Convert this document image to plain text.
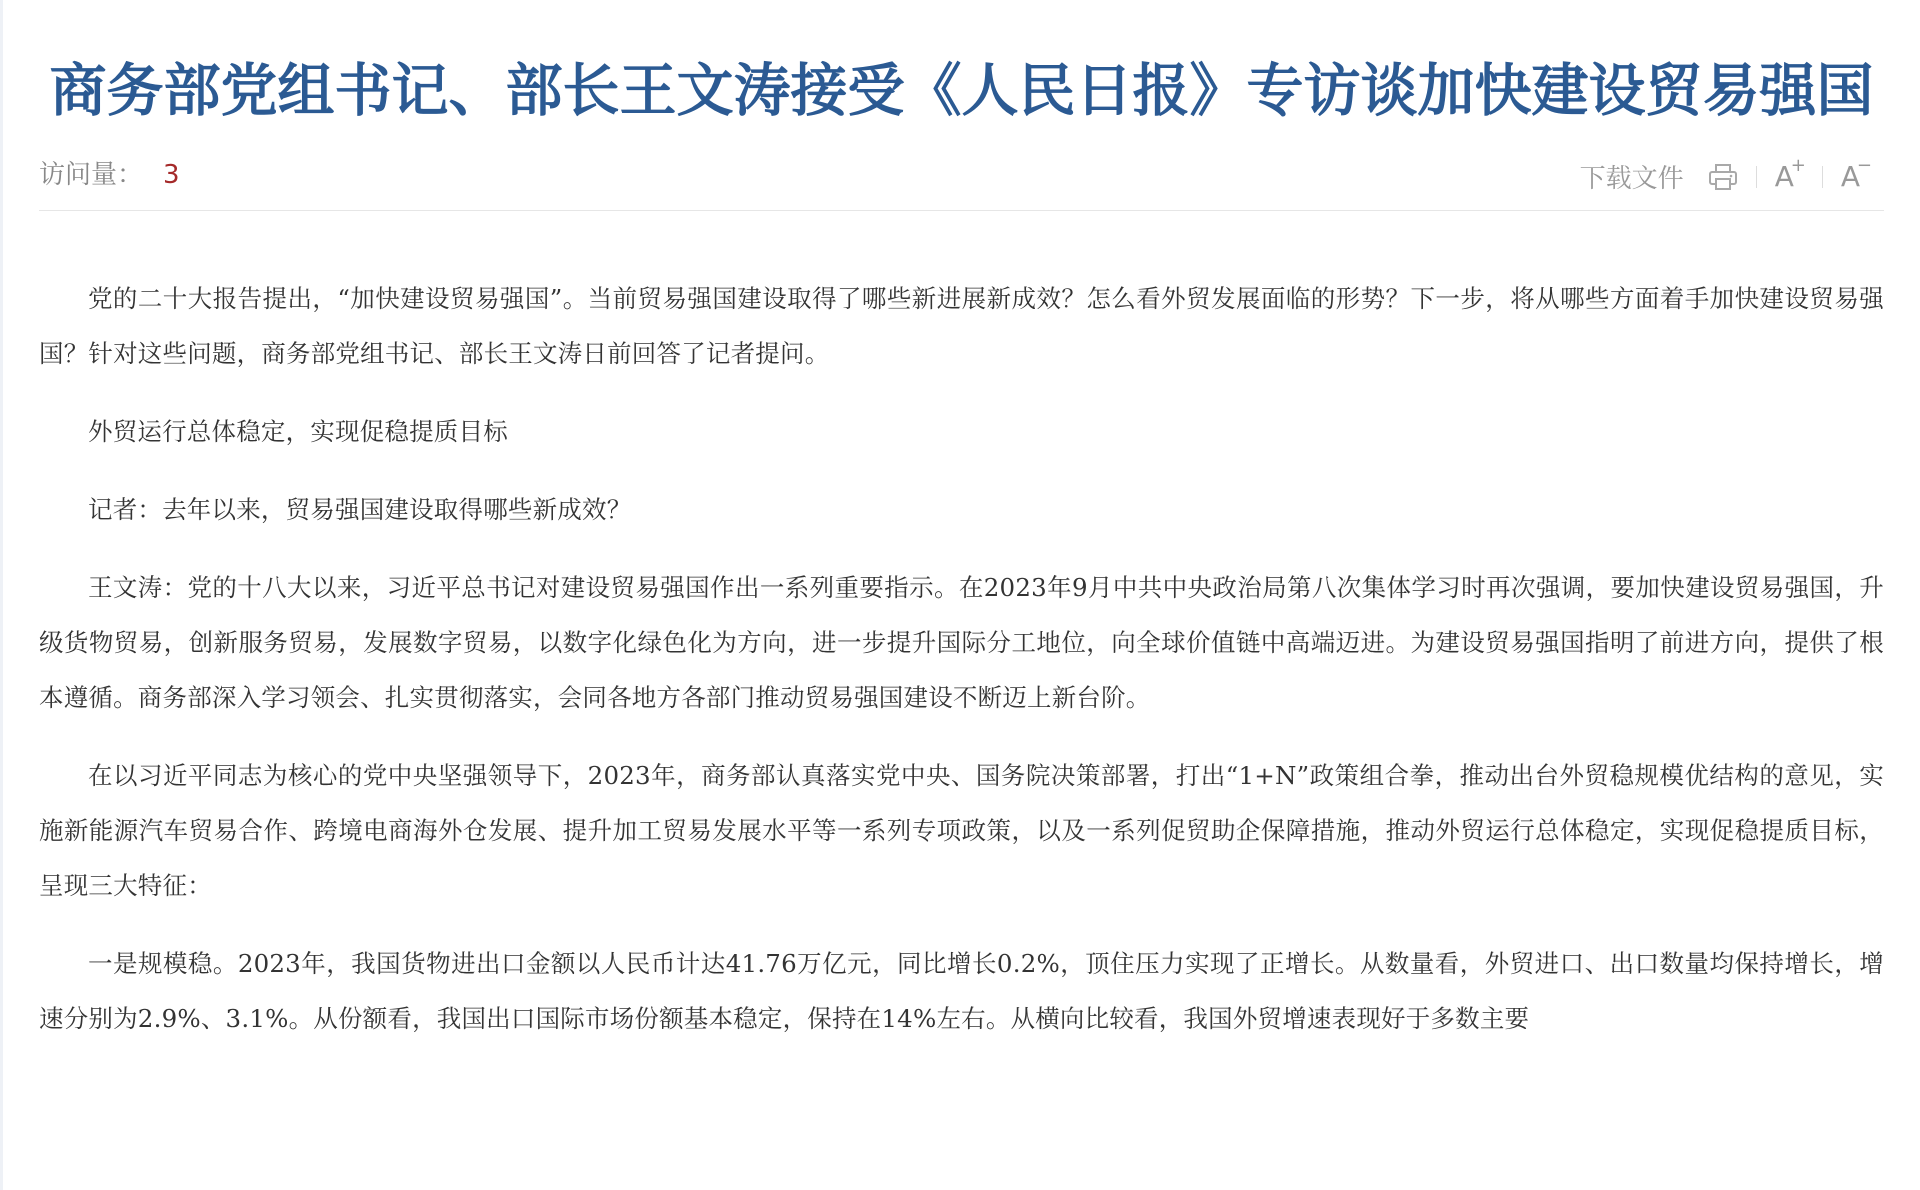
商务部党组书记、部长王文涛接受《人民日报》专访谈加快建设贸易强国
访问量： 3	下载文件	A
+ A
−

党的二十大报告提出，“加快建设贸易强国”。当前贸易强国建设取得了哪些新进展新成效？怎么看外贸发展面临的形势？下一步，将从哪些方面着手加快建设贸易强国？针对这些问题，商务部党组书记、部长王文涛日前回答了记者提问。

外贸运行总体稳定，实现促稳提质目标

记者：去年以来，贸易强国建设取得哪些新成效？

王文涛：党的十八大以来，习近平总书记对建设贸易强国作出一系列重要指示。在2023年9月中共中央政治局第八次集体学习时再次强调，要加快建设贸易强国，升级货物贸易，创新服务贸易，发展数字贸易，以数字化绿色化为方向，进一步提升国际分工地位，向全球价值链中高端迈进。为建设贸易强国指明了前进方向，提供了根本遵循。商务部深入学习领会、扎实贯彻落实，会同各地方各部门推动贸易强国建设不断迈上新台阶。

在以习近平同志为核心的党中央坚强领导下，2023年，商务部认真落实党中央、国务院决策部署，打出“1+N”政策组合拳，推动出台外贸稳规模优结构的意见，实施新能源汽车贸易合作、跨境电商海外仓发展、提升加工贸易发展水平等一系列专项政策，以及一系列促贸助企保障措施，推动外贸运行总体稳定，实现促稳提质目标，呈现三大特征：

一是规模稳。2023年，我国货物进出口金额以人民币计达41.76万亿元，同比增长0.2%，顶住压力实现了正增长。从数量看，外贸进口、出口数量均保持增长，增速分别为2.9%、3.1%。从份额看，我国出口国际市场份额基本稳定，保持在14%左右。从横向比较看，我国外贸增速表现好于多数主要
